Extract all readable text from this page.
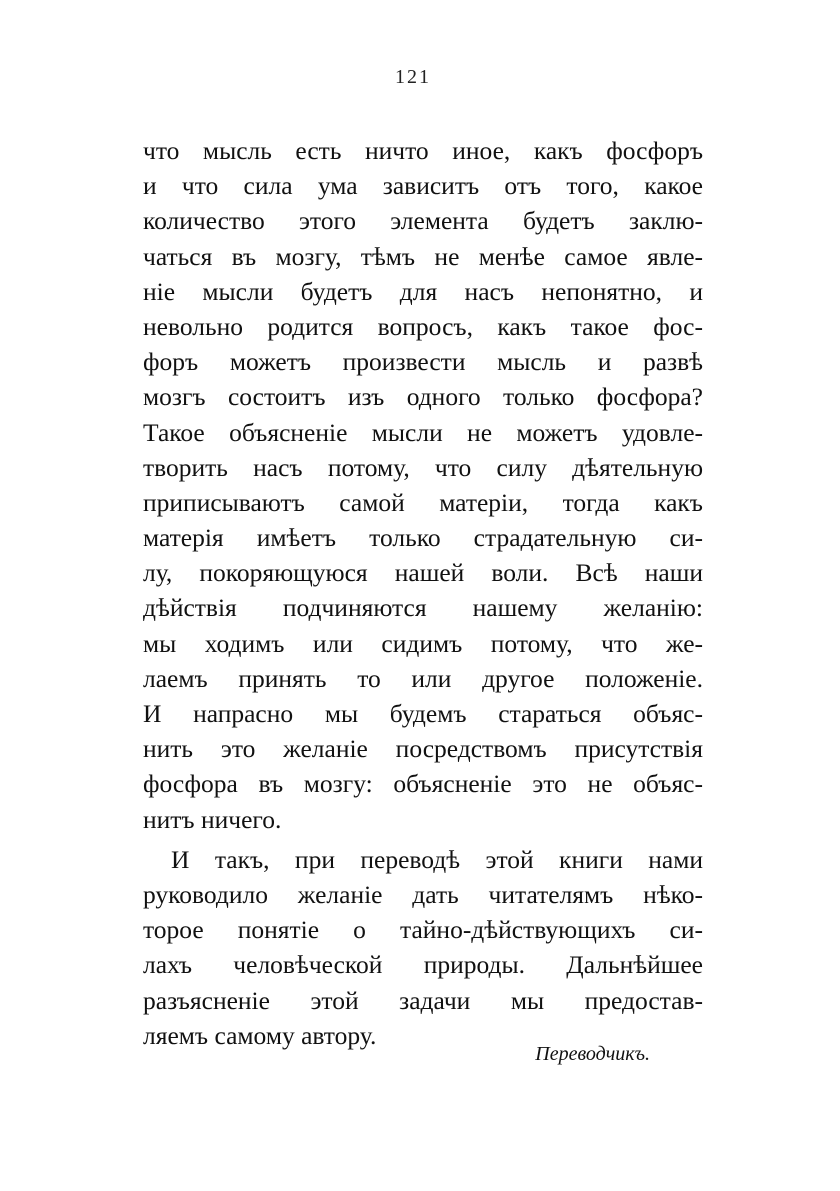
121
что мысль есть ничто иное, какъ фосфоръ
и что сила ума зависитъ отъ того, какое
количество этого элемента будетъ заклю-
чаться въ мозгу, тѣмъ не менѣе самое явле-
ніе мысли будетъ для насъ непонятно, и
невольно родится вопросъ, какъ такое фос-
форъ можетъ произвести мысль и развѣ
мозгъ состоитъ изъ одного только фосфора?
Такое объясненіе мысли не можетъ удовле-
творить насъ потому, что силу дѣятельную
приписываютъ самой матеріи, тогда какъ
матерія имѣетъ только страдательную си-
лу, покоряющуюся нашей воли. Всѣ наши
дѣйствія подчиняются нашему желанію:
мы ходимъ или сидимъ потому, что же-
лаемъ принять то или другое положеніе.
И напрасно мы будемъ стараться объяс-
нить это желаніе посредствомъ присутствія
фосфора въ мозгу: объясненіе это не объяс-
нитъ ничего.
И такъ, при переводѣ этой книги нами
руководило желаніе дать читателямъ нѣко-
торое понятіе о тайно-дѣйствующихъ си-
лахъ человѣческой природы. Дальнѣйшее
разъясненіе этой задачи мы предостав-
ляемъ самому автору.
Переводчикъ.
